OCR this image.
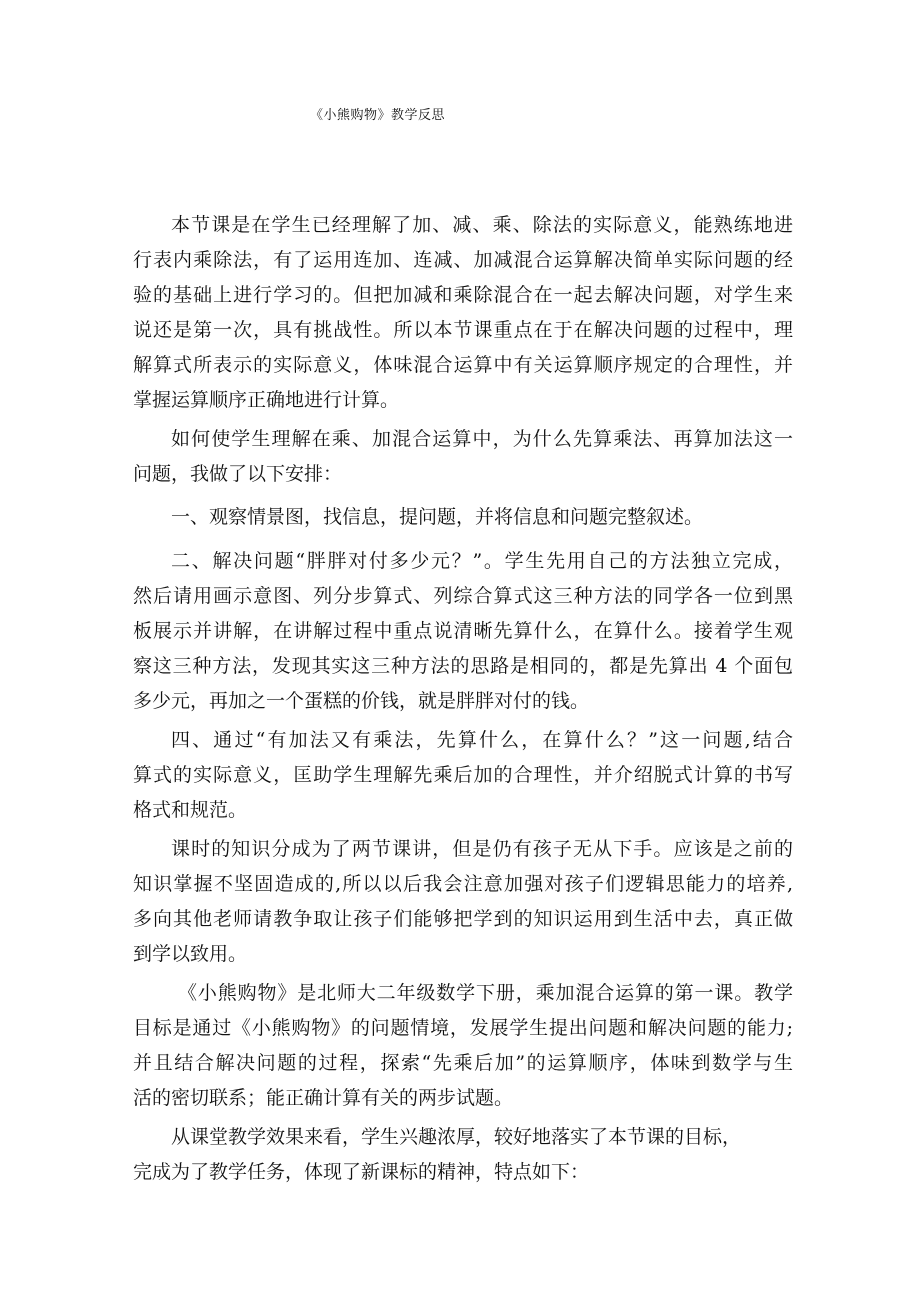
《小熊购物》教学反思
本节课是在学生已经理解了加、减、乘、除法的实际意义，能熟练地进
行表内乘除法，有了运用连加、连减、加减混合运算解决简单实际问题的经
验的基础上进行学习的。但把加减和乘除混合在一起去解决问题，对学生来
说还是第一次，具有挑战性。所以本节课重点在于在解决问题的过程中，理
解算式所表示的实际意义，体味混合运算中有关运算顺序规定的合理性，并
掌握运算顺序正确地进行计算。
如何使学生理解在乘、加混合运算中，为什么先算乘法、再算加法这一
问题，我做了以下安排：
一、观察情景图，找信息，提问题，并将信息和问题完整叙述。
二、解决问题“胖胖对付多少元？”。学生先用自己的方法独立完成，
然后请用画示意图、列分步算式、列综合算式这三种方法的同学各一位到黑
板展示并讲解，在讲解过程中重点说清晰先算什么，在算什么。接着学生观
察这三种方法，发现其实这三种方法的思路是相同的，都是先算出 4 个面包
多少元，再加之一个蛋糕的价钱，就是胖胖对付的钱。
四、通过“有加法又有乘法，先算什么，在算什么？”这一问题,结合
算式的实际意义，匡助学生理解先乘后加的合理性，并介绍脱式计算的书写
格式和规范。
课时的知识分成为了两节课讲，但是仍有孩子无从下手。应该是之前的
知识掌握不坚固造成的,所以以后我会注意加强对孩子们逻辑思能力的培养,
多向其他老师请教争取让孩子们能够把学到的知识运用到生活中去，真正做
到学以致用。
《小熊购物》是北师大二年级数学下册，乘加混合运算的第一课。教学
目标是通过《小熊购物》的问题情境，发展学生提出问题和解决问题的能力;
并且结合解决问题的过程，探索“先乘后加”的运算顺序，体味到数学与生
活的密切联系；能正确计算有关的两步试题。
从课堂教学效果来看，学生兴趣浓厚，较好地落实了本节课的目标，
完成为了教学任务，体现了新课标的精神，特点如下：
